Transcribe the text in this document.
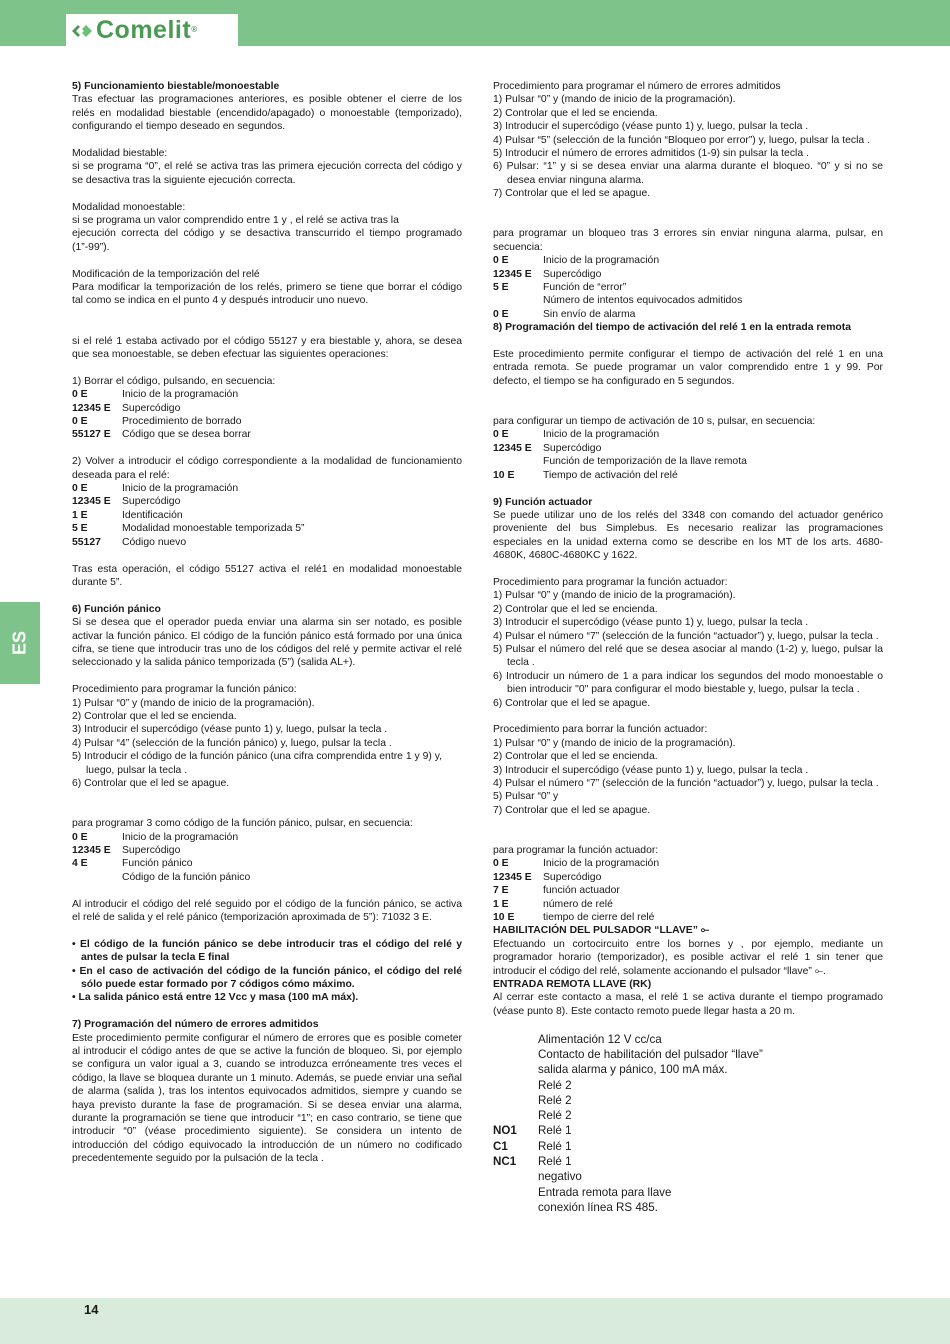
Comelit®
ES

5) Funcionamiento biestable/monoestable

Tras efectuar las programaciones anteriores, es posible obtener el cierre de los relés en modalidad biestable (encendido/apagado) o monoestable (temporizado), configurando el tiempo deseado en segundos.

Modalidad biestable:

si se programa “0”, el relé se activa tras las primera ejecución correcta del código y se desactiva tras la siguiente ejecución correcta.

Modalidad monoestable:

si se programa un valor comprendido entre 1 y , el relé se activa tras la

ejecución correcta del código y se desactiva transcurrido el tiempo programado (1”-99”).

Modificación de la temporización del relé

Para modificar la temporización de los relés, primero se tiene que borrar el código tal como se indica en el punto 4 y después introducir uno nuevo.

si el relé 1 estaba activado por el código 55127 y era biestable y, ahora, se desea que sea monoestable, se deben efectuar las siguientes operaciones:

1) Borrar el código, pulsando, en secuencia:

0 E	Inicio de la programación
12345 E	Supercódigo
0 E	Procedimiento de borrado
55127 E	Código que se desea borrar

2) Volver a introducir el código correspondiente a la modalidad de funcionamiento deseada para el relé:

0 E	Inicio de la programación
12345 E	Supercódigo
1 E	Identificación
5 E	Modalidad monoestable temporizada 5”
55127	Código nuevo

Tras esta operación, el código 55127 activa el relé1 en modalidad monoestable durante 5”.

6) Función pánico

Si se desea que el operador pueda enviar una alarma sin ser notado, es posible activar la función pánico. El código de la función pánico está formado por una única cifra, se tiene que introducir tras uno de los códigos del relé y permite activar el relé seleccionado y la salida pánico temporizada (5”) (salida AL+).

Procedimiento para programar la función pánico:

1) Pulsar “0” y (mando de inicio de la programación).

2) Controlar que el led se encienda.

3) Introducir el supercódigo (véase punto 1) y, luego, pulsar la tecla .

4) Pulsar “4” (selección de la función pánico) y, luego, pulsar la tecla .

5) Introducir el código de la función pánico (una cifra comprendida entre 1 y 9) y, luego, pulsar la tecla .

6) Controlar que el led se apague.

para programar 3 como código de la función pánico, pulsar, en secuencia:

0 E	Inicio de la programación
12345 E	Supercódigo
4 E	Función pánico
Código de la función pánico

Al introducir el código del relé seguido por el código de la función pánico, se activa el relé de salida y el relé pánico (temporización aproximada de 5”): 71032 3 E.

• El código de la función pánico se debe introducir tras el código del relé y antes de pulsar la tecla E final

• En el caso de activación del código de la función pánico, el código del relé sólo puede estar formado por 7 códigos cómo máximo.

• La salida pánico está entre 12 Vcc y masa (100 mA máx).

7) Programación del número de errores admitidos

Este procedimiento permite configurar el número de errores que es posible cometer al introducir el código antes de que se active la función de bloqueo. Si, por ejemplo se configura un valor igual a 3, cuando se introduzca erróneamente tres veces el código, la llave se bloquea durante un 1 minuto. Además, se puede enviar una señal de alarma (salida ), tras los intentos equivocados admitidos, siempre y cuando se haya previsto durante la fase de programación. Si se desea enviar una alarma, durante la programación se tiene que introducir “1”; en caso contrario, se tiene que introducir “0” (véase procedimiento siguiente). Se considera un intento de introducción del código equivocado la introducción de un número no codificado precedentemente seguido por la pulsación de la tecla .

Procedimiento para programar el número de errores admitidos

1) Pulsar “0” y (mando de inicio de la programación).

2) Controlar que el led se encienda.

3) Introducir el supercódigo (véase punto 1) y, luego, pulsar la tecla .

4) Pulsar “5” (selección de la función “Bloqueo por error”) y, luego, pulsar la tecla .

5) Introducir el número de errores admitidos (1-9) sin pulsar la tecla .

6) Pulsar: “1” y si se desea enviar una alarma durante el bloqueo. “0” y si no se desea enviar ninguna alarma.

7) Controlar que el led se apague.

para programar un bloqueo tras 3 errores sin enviar ninguna alarma, pulsar, en secuencia:

0 E	Inicio de la programación
12345 E	Supercódigo
5 E	Función de “error”
Número de intentos equivocados admitidos
0 E	Sin envío de alarma

8) Programación del tiempo de activación del relé 1 en la entrada remota

Este procedimiento permite configurar el tiempo de activación del relé 1 en una entrada remota. Se puede programar un valor comprendido entre 1 y 99. Por defecto, el tiempo se ha configurado en 5 segundos.

para configurar un tiempo de activación de 10 s, pulsar, en secuencia:

0 E	Inicio de la programación
12345 E	Supercódigo
Función de temporización de la llave remota
10 E	Tiempo de activación del relé

9) Función actuador

Se puede utilizar uno de los relés del 3348 con comando del actuador genérico proveniente del bus Simplebus. Es necesario realizar las programaciones especiales en la unidad externa como se describe en los MT de los arts. 4680-4680K, 4680C-4680KC y 1622.

Procedimiento para programar la función actuador:

1) Pulsar “0” y (mando de inicio de la programación).

2) Controlar que el led se encienda.

3) Introducir el supercódigo (véase punto 1) y, luego, pulsar la tecla .

4) Pulsar el número “7” (selección de la función “actuador”) y, luego, pulsar la tecla .

5) Pulsar el número del relé que se desea asociar al mando (1-2) y, luego, pulsar la tecla .

6) Introducir un número de 1 a para indicar los segundos del modo monoestable o bien introducir "0" para configurar el modo biestable y, luego, pulsar la tecla .

6) Controlar que el led se apague.

Procedimiento para borrar la función actuador:

1) Pulsar “0” y (mando de inicio de la programación).

2) Controlar que el led se encienda.

3) Introducir el supercódigo (véase punto 1) y, luego, pulsar la tecla .

4) Pulsar el número “7” (selección de la función “actuador”) y, luego, pulsar la tecla .

5) Pulsar “0” y

7) Controlar que el led se apague.

para programar la función actuador:

0 E	Inicio de la programación
12345 E	Supercódigo
7 E	función actuador
1 E	número de relé
10 E	tiempo de cierre del relé

HABILITACIÓN DEL PULSADOR “LLAVE” ⟜

Efectuando un cortocircuito entre los bornes y , por ejemplo, mediante un programador horario (temporizador), es posible activar el relé 1 sin tener que introducir el código del relé, solamente accionando el pulsador “llave” ⟜.

ENTRADA REMOTA LLAVE (RK)

Al cerrar este contacto a masa, el relé 1 se activa durante el tiempo programado (véase punto 8). Este contacto remoto puede llegar hasta a 20 m.

Alimentación 12 V cc/ca
Contacto de habilitación del pulsador “llave”
salida alarma y pánico, 100 mA máx.
Relé 2
Relé 2
Relé 2
NO1	Relé 1
C1	Relé 1
NC1	Relé 1
negativo
Entrada remota para llave
conexión línea RS 485.
14
